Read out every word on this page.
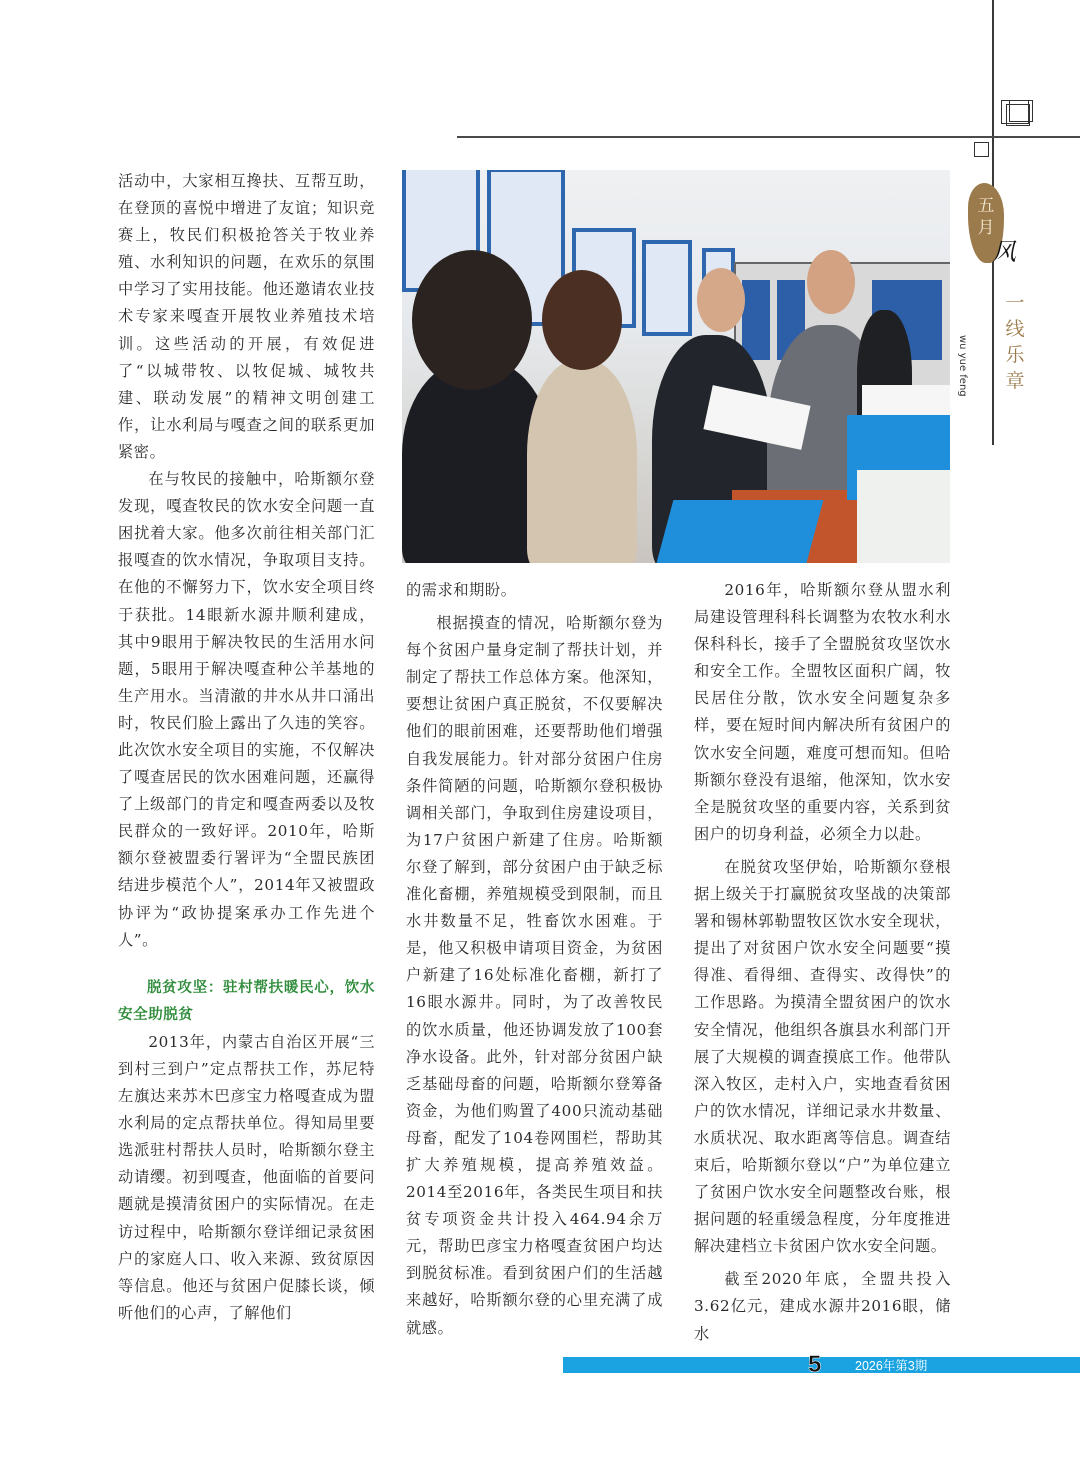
五
月
风
一
线
乐
章
wu yue feng

活动中，大家相互搀扶、互帮互助，在登顶的喜悦中增进了友谊；知识竞赛上，牧民们积极抢答关于牧业养殖、水利知识的问题，在欢乐的氛围中学习了实用技能。他还邀请农业技术专家来嘎查开展牧业养殖技术培训。这些活动的开展，有效促进了“以城带牧、以牧促城、城牧共建、联动发展”的精神文明创建工作，让水利局与嘎查之间的联系更加紧密。

在与牧民的接触中，哈斯额尔登发现，嘎查牧民的饮水安全问题一直困扰着大家。他多次前往相关部门汇报嘎查的饮水情况，争取项目支持。在他的不懈努力下，饮水安全项目终于获批。14眼新水源井顺利建成，其中9眼用于解决牧民的生活用水问题，5眼用于解决嘎查种公羊基地的生产用水。当清澈的井水从井口涌出时，牧民们脸上露出了久违的笑容。此次饮水安全项目的实施，不仅解决了嘎查居民的饮水困难问题，还赢得了上级部门的肯定和嘎查两委以及牧民群众的一致好评。2010年，哈斯额尔登被盟委行署评为“全盟民族团结进步模范个人”，2014年又被盟政协评为“政协提案承办工作先进个人”。

脱贫攻坚：驻村帮扶暖民心，饮水安全助脱贫

2013年，内蒙古自治区开展“三到村三到户”定点帮扶工作，苏尼特左旗达来苏木巴彦宝力格嘎查成为盟水利局的定点帮扶单位。得知局里要选派驻村帮扶人员时，哈斯额尔登主动请缨。初到嘎查，他面临的首要问题就是摸清贫困户的实际情况。在走访过程中，哈斯额尔登详细记录贫困户的家庭人口、收入来源、致贫原因等信息。他还与贫困户促膝长谈，倾听他们的心声，了解他们

的需求和期盼。

根据摸查的情况，哈斯额尔登为每个贫困户量身定制了帮扶计划，并制定了帮扶工作总体方案。他深知，要想让贫困户真正脱贫，不仅要解决他们的眼前困难，还要帮助他们增强自我发展能力。针对部分贫困户住房条件简陋的问题，哈斯额尔登积极协调相关部门，争取到住房建设项目，为17户贫困户新建了住房。哈斯额尔登了解到，部分贫困户由于缺乏标准化畜棚，养殖规模受到限制，而且水井数量不足，牲畜饮水困难。于是，他又积极申请项目资金，为贫困户新建了16处标准化畜棚，新打了16眼水源井。同时，为了改善牧民的饮水质量，他还协调发放了100套净水设备。此外，针对部分贫困户缺乏基础母畜的问题，哈斯额尔登筹备资金，为他们购置了400只流动基础母畜，配发了104卷网围栏，帮助其扩大养殖规模，提高养殖效益。2014至2016年，各类民生项目和扶贫专项资金共计投入464.94余万元，帮助巴彦宝力格嘎查贫困户均达到脱贫标准。看到贫困户们的生活越来越好，哈斯额尔登的心里充满了成就感。

2016年，哈斯额尔登从盟水利局建设管理科科长调整为农牧水利水保科科长，接手了全盟脱贫攻坚饮水和安全工作。全盟牧区面积广阔，牧民居住分散，饮水安全问题复杂多样，要在短时间内解决所有贫困户的饮水安全问题，难度可想而知。但哈斯额尔登没有退缩，他深知，饮水安全是脱贫攻坚的重要内容，关系到贫困户的切身利益，必须全力以赴。

在脱贫攻坚伊始，哈斯额尔登根据上级关于打赢脱贫攻坚战的决策部署和锡林郭勒盟牧区饮水安全现状，提出了对贫困户饮水安全问题要“摸得准、看得细、查得实、改得快”的工作思路。为摸清全盟贫困户的饮水安全情况，他组织各旗县水利部门开展了大规模的调查摸底工作。他带队深入牧区，走村入户，实地查看贫困户的饮水情况，详细记录水井数量、水质状况、取水距离等信息。调查结束后，哈斯额尔登以“户”为单位建立了贫困户饮水安全问题整改台账，根据问题的轻重缓急程度，分年度推进解决建档立卡贫困户饮水安全问题。

截至2020年底，全盟共投入3.62亿元，建成水源井2016眼，储水

5	2026年第3期
